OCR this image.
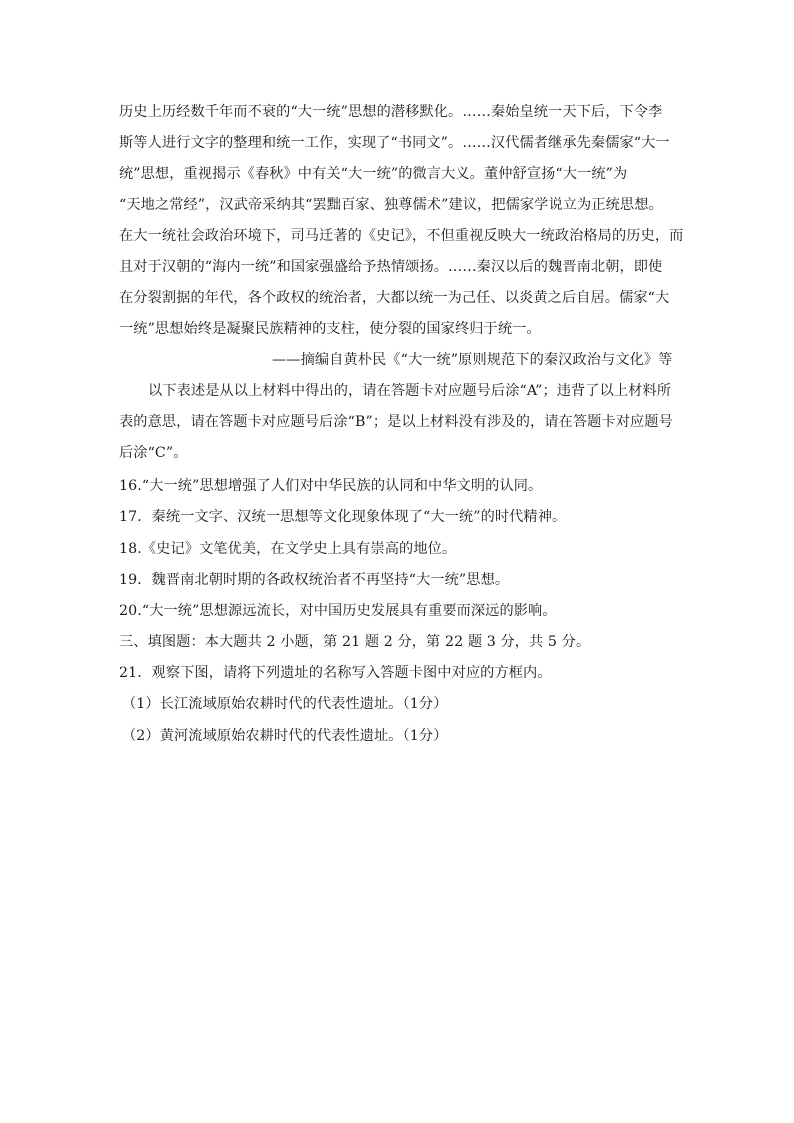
历史上历经数千年而不衰的“大一统”思想的潜移默化。……秦始皇统一天下后，下令李
斯等人进行文字的整理和统一工作，实现了“书同文”。……汉代儒者继承先秦儒家“大一
统”思想，重视揭示《春秋》中有关“大一统”的微言大义。董仲舒宣扬“大一统”为
“天地之常经”，汉武帝采纳其“罢黜百家、独尊儒术”建议，把儒家学说立为正统思想。
在大一统社会政治环境下，司马迁著的《史记》，不但重视反映大一统政治格局的历史，而
且对于汉朝的“海内一统”和国家强盛给予热情颂扬。……秦汉以后的魏晋南北朝，即使
在分裂割据的年代，各个政权的统治者，大都以统一为己任、以炎黄之后自居。儒家“大
一统”思想始终是凝聚民族精神的支柱，使分裂的国家终归于统一。
——摘编自黄朴民《“大一统”原则规范下的秦汉政治与文化》等
以下表述是从以上材料中得出的，请在答题卡对应题号后涂“A”；违背了以上材料所
表的意思，请在答题卡对应题号后涂“B”；是以上材料没有涉及的，请在答题卡对应题号
后涂“C”。
16.“大一统”思想增强了人们对中华民族的认同和中华文明的认同。
17．秦统一文字、汉统一思想等文化现象体现了“大一统”的时代精神。
18.《史记》文笔优美，在文学史上具有崇高的地位。
19．魏晋南北朝时期的各政权统治者不再坚持“大一统”思想。
20.“大一统”思想源远流长，对中国历史发展具有重要而深远的影响。
三、填图题：本大题共 2 小题，第 21 题 2 分，第 22 题 3 分，共 5 分。
21．观察下图，请将下列遗址的名称写入答题卡图中对应的方框内。
（1）长江流域原始农耕时代的代表性遗址。（1分）
（2）黄河流域原始农耕时代的代表性遗址。（1分）
